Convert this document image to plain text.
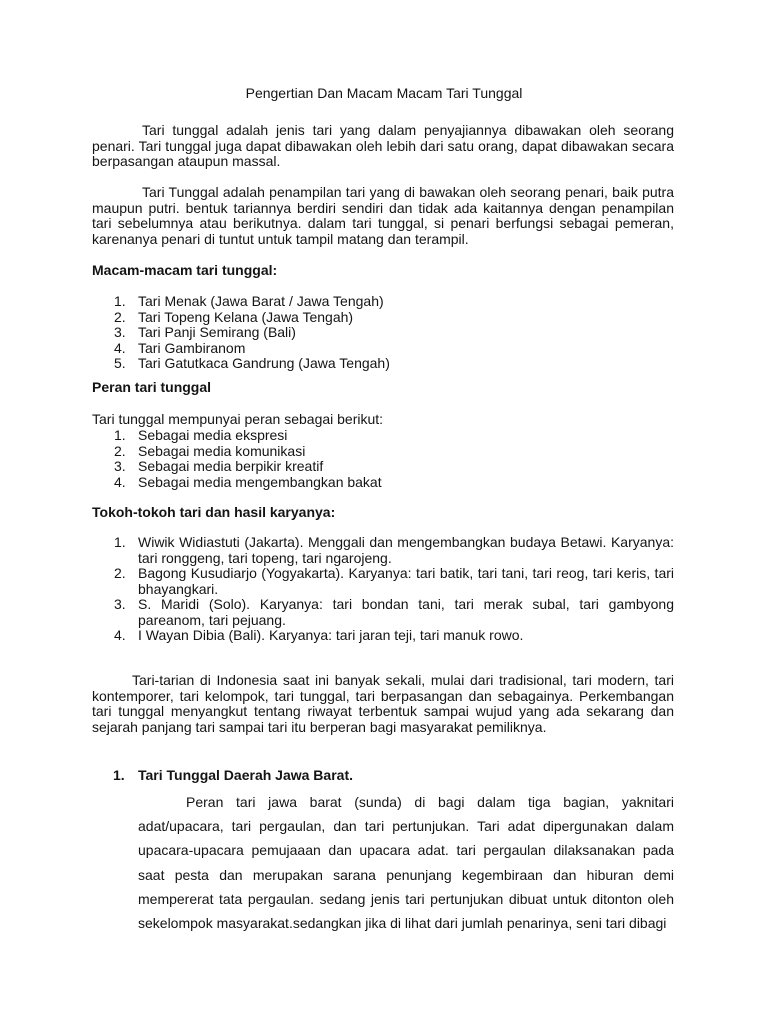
Pengertian Dan Macam Macam Tari Tunggal

Tari tunggal adalah jenis tari yang dalam penyajiannya dibawakan oleh seorang penari. Tari tunggal juga dapat dibawakan oleh lebih dari satu orang, dapat dibawakan secara berpasangan ataupun massal.

Tari Tunggal adalah penampilan tari yang di bawakan oleh seorang penari, baik putra maupun putri. bentuk tariannya berdiri sendiri dan tidak ada kaitannya dengan penampilan tari sebelumnya atau berikutnya. dalam tari tunggal, si penari berfungsi sebagai pemeran, karenanya penari di tuntut untuk tampil matang dan terampil.

Macam-macam tari tunggal:

1. Tari Menak (Jawa Barat / Jawa Tengah)
2. Tari Topeng Kelana (Jawa Tengah)
3. Tari Panji Semirang (Bali)
4. Tari Gambiranom
5. Tari Gatutkaca Gandrung (Jawa Tengah)

Peran tari tunggal

Tari tunggal mempunyai peran sebagai berikut:

1. Sebagai media ekspresi
2. Sebagai media komunikasi
3. Sebagai media berpikir kreatif
4. Sebagai media mengembangkan bakat

Tokoh-tokoh tari dan hasil karyanya:

1. Wiwik Widiastuti (Jakarta). Menggali dan mengembangkan budaya Betawi. Karyanya: tari ronggeng, tari topeng, tari ngarojeng.
2. Bagong Kusudiarjo (Yogyakarta). Karyanya: tari batik, tari tani, tari reog, tari keris, tari bhayangkari.
3. S. Maridi (Solo). Karyanya: tari bondan tani, tari merak subal, tari gambyong pareanom, tari pejuang.
4. I Wayan Dibia (Bali). Karyanya: tari jaran teji, tari manuk rowo.

Tari-tarian di Indonesia saat ini banyak sekali, mulai dari tradisional, tari modern, tari kontemporer, tari kelompok, tari tunggal, tari berpasangan dan sebagainya. Perkembangan tari tunggal menyangkut tentang riwayat terbentuk sampai wujud yang ada sekarang dan sejarah panjang tari sampai tari itu berperan bagi masyarakat pemiliknya.

1. Tari Tunggal Daerah Jawa Barat.

Peran tari jawa barat (sunda) di bagi dalam tiga bagian, yaknitari adat/upacara, tari pergaulan, dan tari pertunjukan. Tari adat dipergunakan dalam upacara-upacara pemujaaan dan upacara adat. tari pergaulan dilaksanakan pada saat pesta dan merupakan sarana penunjang kegembiraan dan hiburan demi mempererat tata pergaulan. sedang jenis tari pertunjukan dibuat untuk ditonton oleh sekelompok masyarakat.sedangkan jika di lihat dari jumlah penarinya, seni tari dibagi
